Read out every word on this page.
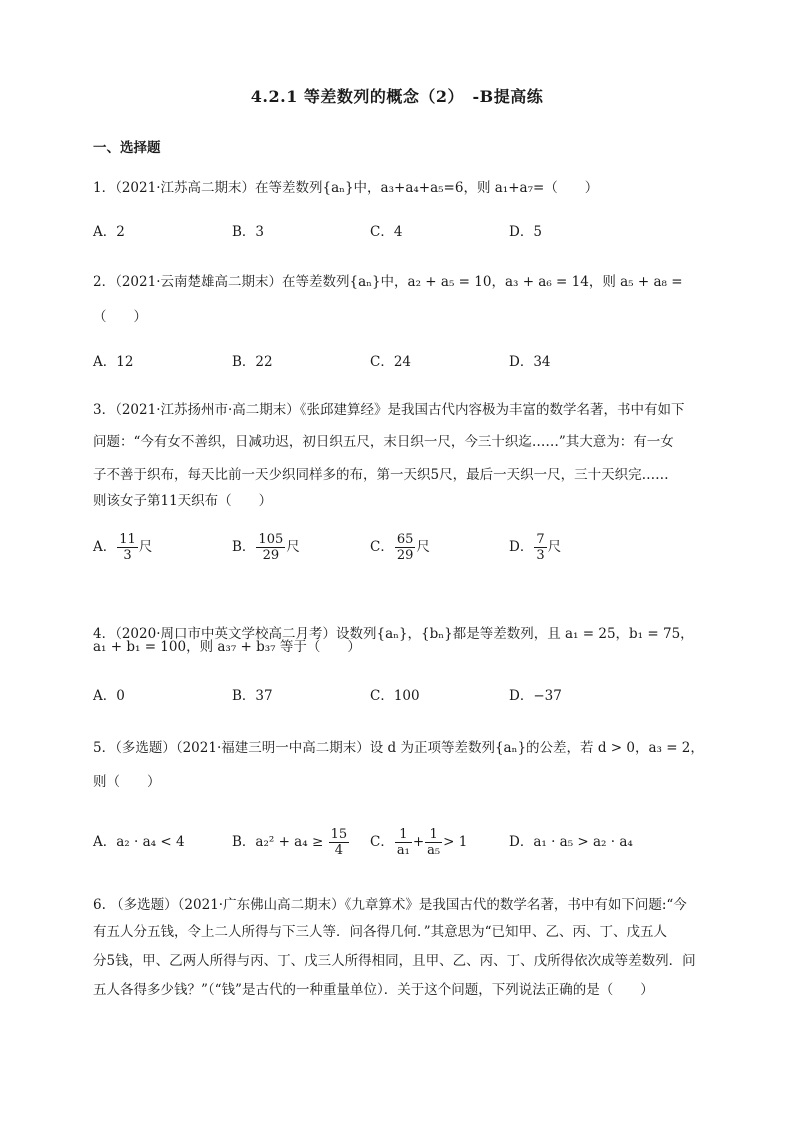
4.2.1 等差数列的概念（2）　-B提高练
一、选择题
1．（2021·江苏高二期末）在等差数列{aₙ}中，a₃+a₄+a₅=6，则 a₁+a₇=（　　）
A．2	B．3	C．4	D．5
2．（2021·云南楚雄高二期末）在等差数列{aₙ}中，a₂ + a₅ = 10，a₃ + a₆ = 14，则 a₅ + a₈ =
（　　）
A．12	B．22	C．24	D．34
3．（2021·江苏扬州市·高二期末）《张邱建算经》是我国古代内容极为丰富的数学名著，书中有如下
问题：“今有女不善织，日减功迟，初日织五尺，末日织一尺，今三十织迄……”其大意为：有一女
子不善于织布，每天比前一天少织同样多的布，第一天织5尺，最后一天织一尺，三十天织完……
则该女子第11天织布（　　）
A． $\frac{11}{3}$ 尺	B． $\frac{105}{29}$ 尺	C． $\frac{65}{29}$ 尺	D． $\frac{7}{3}$ 尺
4．（2020·周口市中英文学校高二月考）设数列{aₙ}，{bₙ}都是等差数列，且 a₁ = 25，b₁ = 75，
a₁ + b₁ = 100，则 a₃₇ + b₃₇ 等于（　　）
A．0	B．37	C．100	D．−37
5．（多选题）（2021·福建三明一中高二期末）设 d 为正项等差数列{aₙ}的公差，若 d > 0，a₃ = 2，
则（　　）
A．a₂ · a₄ < 4	B．$a_2^2 + a_4 \ge \frac{15}{4}$ C． $\frac{1}{\text{a₁}} + \frac{1}{\text{a₅}} > 1$	D．a₁ · a₅ > a₂ · a₄
6. （多选题）（2021·广东佛山高二期末）《九章算术》是我国古代的数学名著，书中有如下问题:“今
有五人分五钱，令上二人所得与下三人等．问各得几何．”其意思为“已知甲、乙、丙、丁、戊五人
分5钱，甲、乙两人所得与丙、丁、戊三人所得相同，且甲、乙、丙、丁、戊所得依次成等差数列．问
五人各得多少钱？”（“钱”是古代的一种重量单位）．关于这个问题，下列说法正确的是（　　）
